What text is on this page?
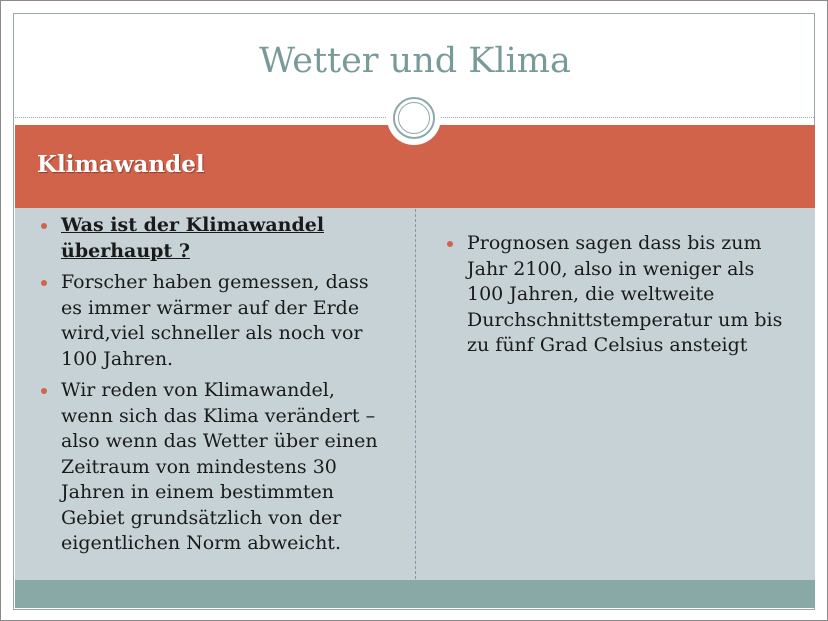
Wetter und Klima
Klimawandel
Was ist der Klimawandel überhaupt ?
Forscher haben gemessen, dass es immer wärmer auf der Erde wird,viel schneller als noch vor 100 Jahren.
Wir reden von Klimawandel, wenn sich das Klima verändert – also wenn das Wetter über einen Zeitraum von mindestens 30 Jahren in einem bestimmten Gebiet grundsätzlich von der eigentlichen Norm abweicht.
Prognosen sagen dass bis zum Jahr 2100, also in weniger als 100 Jahren, die weltweite Durchschnittstemperatur um bis zu fünf Grad Celsius ansteigt
